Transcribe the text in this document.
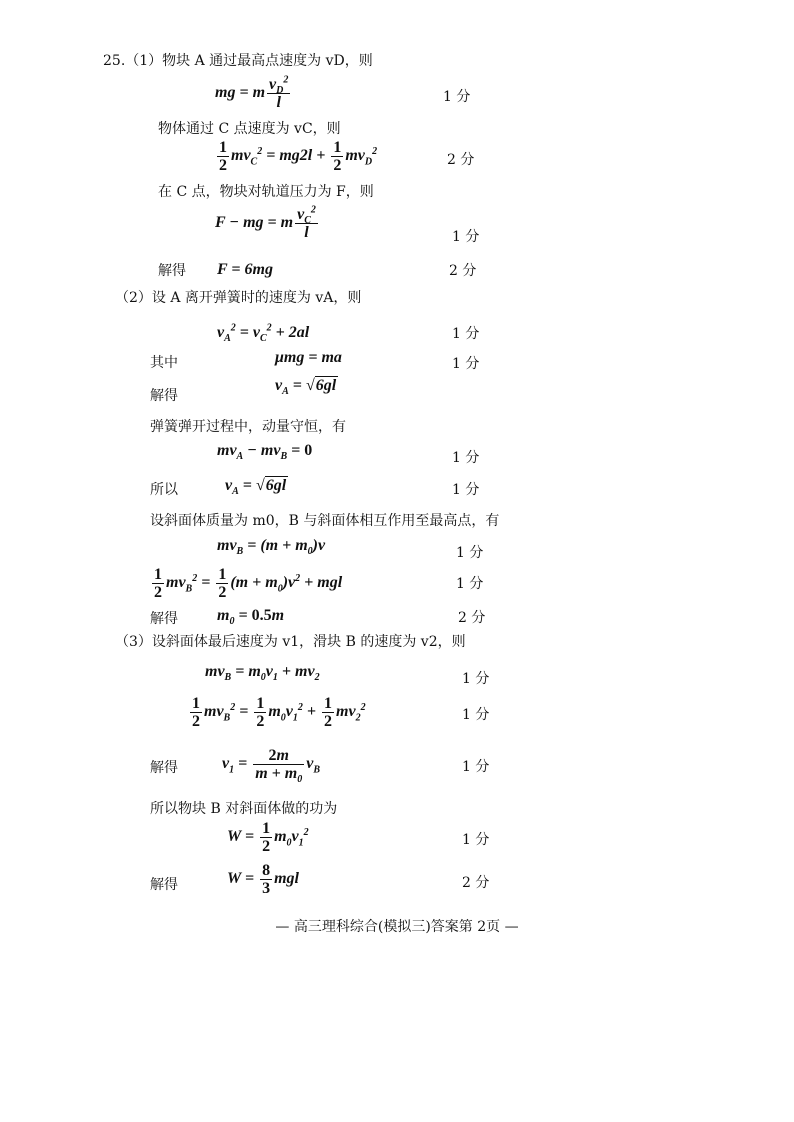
25.（1）物块 A 通过最高点速度为 vD，则
mg = m $\frac{v_D^2}{l}$	1 分
物体通过 C 点速度为 vC，则
$\frac{1}{2} mv_C^2 = mg2l + \frac{1}{2} mv_D^2$
2 分
在 C 点，物块对轨道压力为 F，则
F − mg = m $\frac{v_C^2}{l}$	1 分
解得 F = 6mg	2 分
（2）设 A 离开弹簧时的速度为 vA，则
$v_A^2 = v_C^2 + 2al$	1 分
其中	μmg = ma	1 分
解得
$v_A = √6gl$
弹簧弹开过程中，动量守恒，有
$mv_A - mv_B = 0$	1 分
所以	$v_A = √6gl$	1 分
设斜面体质量为 m0，B 与斜面体相互作用至最高点，有
$mv_B = (m + m_0)v$	1 分
$\frac{1}{2} mv_B^2 = \frac{1}{2} (m + m_0)v^2$ + mgl	1 分
解得 $m_0 = 0.5m$	2 分
（3）设斜面体最后速度为 v1，滑块 B 的速度为 v2，则
$mv_B = m_0v_1 + mv_2$	1 分
$\frac{1}{2} mv_B^2 = \frac{1}{2} m_0v_1^2 + \frac{1}{2} mv_2^2$	1 分
解得	$v_1 = \frac{2m}{m + m_0} v_B$	1 分
所以物块 B 对斜面体做的功为
$W = \frac{1}{2} m_0v_1^2$	1 分
解得	$W = \frac{8}{3}$ mgl	2 分
— 高三理科综合(模拟三)答案第 2页 —
